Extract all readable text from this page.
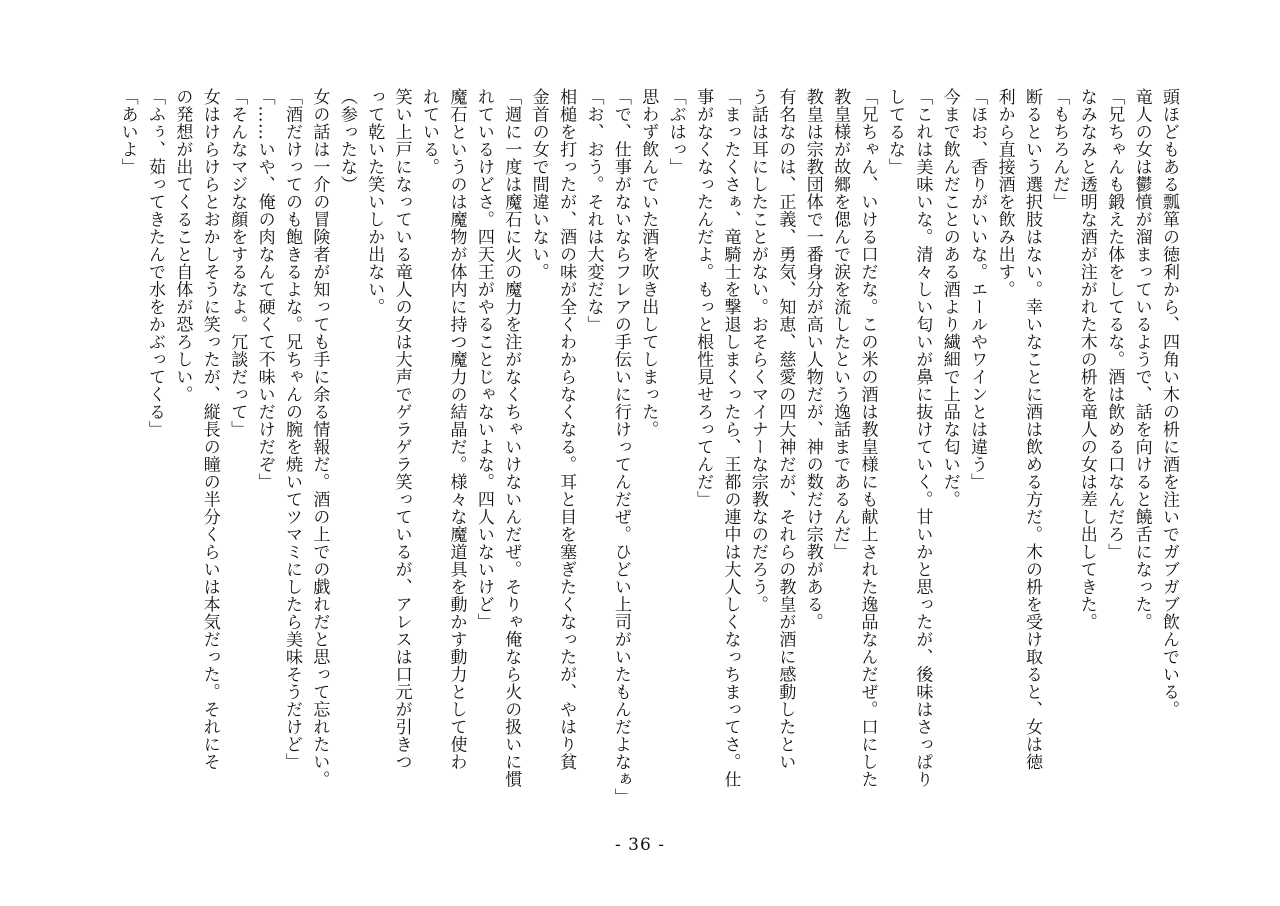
頭ほどもある瓢箪の徳利から、四角い木の枡に酒を注いでガブガブ飲んでいる。
竜人の女は鬱憤が溜まっているようで、話を向けると饒舌になった。
「兄ちゃんも鍛えた体をしてるな。酒は飲める口なんだろ」
なみなみと透明な酒が注がれた木の枡を竜人の女は差し出してきた。
「もちろんだ」
断るという選択肢はない。幸いなことに酒は飲める方だ。木の枡を受け取ると、女は徳
利から直接酒を飲み出す。
「ほお、香りがいいな。エールやワインとは違う」
今まで飲んだことのある酒より繊細で上品な匂いだ。
「これは美味いな。清々しい匂いが鼻に抜けていく。甘いかと思ったが、後味はさっぱり
してるな」
「兄ちゃん、いける口だな。この米の酒は教皇様にも献上された逸品なんだぜ。口にした
教皇様が故郷を偲んで涙を流したという逸話まであるんだ」
教皇は宗教団体で一番身分が高い人物だが、神の数だけ宗教がある。
有名なのは、正義、勇気、知恵、慈愛の四大神だが、それらの教皇が酒に感動したとい
う話は耳にしたことがない。おそらくマイナーな宗教なのだろう。
「まったくさぁ、竜騎士を撃退しまくったら、王都の連中は大人しくなっちまってさ。仕
事がなくなったんだよ。もっと根性見せろってんだ」
「ぶはっ」
思わず飲んでいた酒を吹き出してしまった。
「で、仕事がないならフレアの手伝いに行けってんだぜ。ひどい上司がいたもんだよなぁ」
「お、おう。それは大変だな」
相槌を打ったが、酒の味が全くわからなくなる。耳と目を塞ぎたくなったが、やはり貧
金首の女で間違いない。
「週に一度は魔石に火の魔力を注がなくちゃいけないんだぜ。そりゃ俺なら火の扱いに慣
れているけどさ。四天王がやることじゃないよな。四人いないけど」
魔石というのは魔物が体内に持つ魔力の結晶だ。様々な魔道具を動かす動力として使わ
れている。
笑い上戸になっている竜人の女は大声でゲラゲラ笑っているが、アレスは口元が引きつ
って乾いた笑いしか出ない。
（参ったな）
女の話は一介の冒険者が知っても手に余る情報だ。酒の上での戯れだと思って忘れたい。
「酒だけってのも飽きるよな。兄ちゃんの腕を焼いてツマミにしたら美味そうだけど」
「……いや、俺の肉なんて硬くて不味いだけだぞ」
「そんなマジな顔をするなよ。冗談だって」
女はけらけらとおかしそうに笑ったが、縦長の瞳の半分くらいは本気だった。それにそ
の発想が出てくること自体が恐ろしい。
「ふぅ、茹ってきたんで水をかぶってくる」
「あいよ」
- 36 -
